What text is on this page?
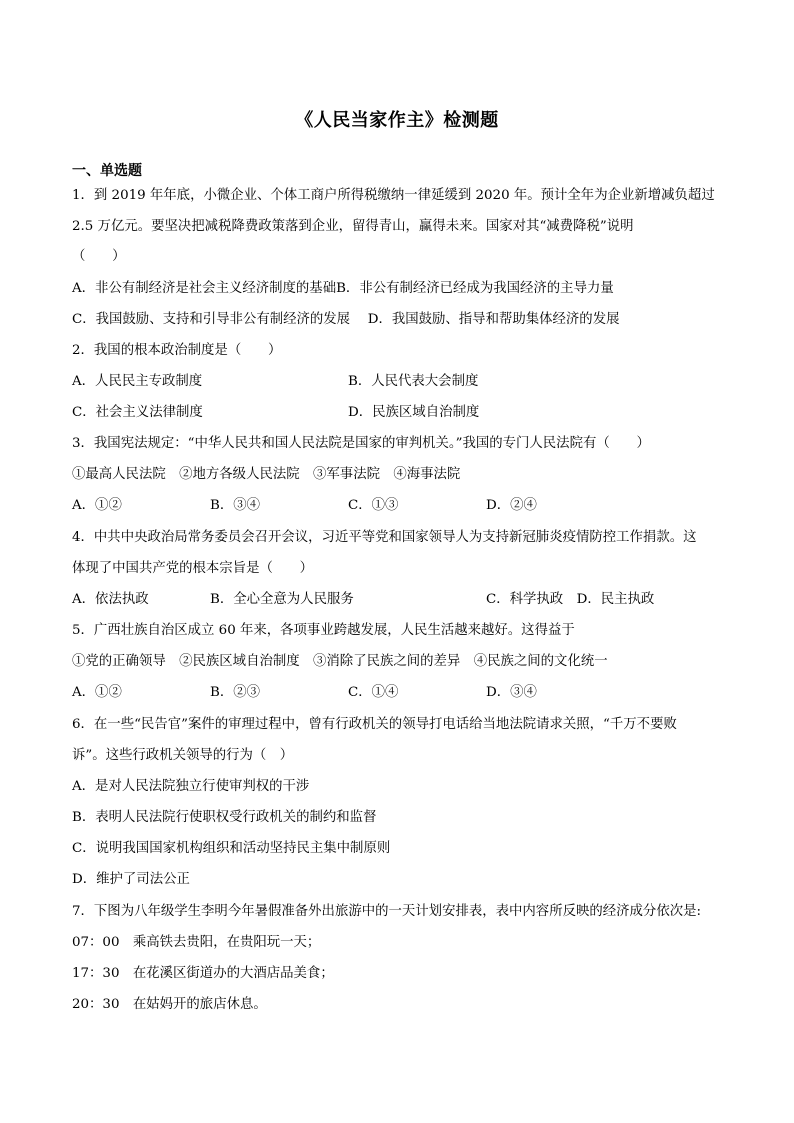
《人民当家作主》检测题
一、单选题
1．到 2019 年年底，小微企业、个体工商户所得税缴纳一律延缓到 2020 年。预计全年为企业新增减负超过
2.5 万亿元。要坚决把减税降费政策落到企业，留得青山，赢得未来。国家对其“减费降税”说明
（　　）
A．非公有制经济是社会主义经济制度的基础B．非公有制经济已经成为我国经济的主导力量
C．我国鼓励、支持和引导非公有制经济的发展　 D．我国鼓励、指导和帮助集体经济的发展
2．我国的根本政治制度是（　　）
A．人民民主专政制度	B．人民代表大会制度
C．社会主义法律制度	D．民族区域自治制度
3．我国宪法规定：“中华人民共和国人民法院是国家的审判机关。”我国的专门人民法院有（　　）
①最高人民法院　②地方各级人民法院　③军事法院　④海事法院
A．①②	B．③④	C．①③	D．②④
4．中共中央政治局常务委员会召开会议，习近平等党和国家领导人为支持新冠肺炎疫情防控工作捐款。这
体现了中国共产党的根本宗旨是（　　）
A．依法执政	B．全心全意为人民服务	C．科学执政　D．民主执政
5．广西壮族自治区成立 60 年来，各项事业跨越发展，人民生活越来越好。这得益于
①党的正确领导　②民族区域自治制度　③消除了民族之间的差异　④民族之间的文化统一
A．①②	B．②③	C．①④	D．③④
6．在一些“民告官”案件的审理过程中，曾有行政机关的领导打电话给当地法院请求关照，“千万不要败
诉”。这些行政机关领导的行为（　）
A．是对人民法院独立行使审判权的干涉
B．表明人民法院行使职权受行政机关的制约和监督
C．说明我国国家机构组织和活动坚持民主集中制原则
D．维护了司法公正
7．下图为八年级学生李明今年暑假准备外出旅游中的一天计划安排表，表中内容所反映的经济成分依次是:
07：00　乘高铁去贵阳，在贵阳玩一天；
17：30　在花溪区街道办的大酒店品美食；
20：30　在姑妈开的旅店休息。
